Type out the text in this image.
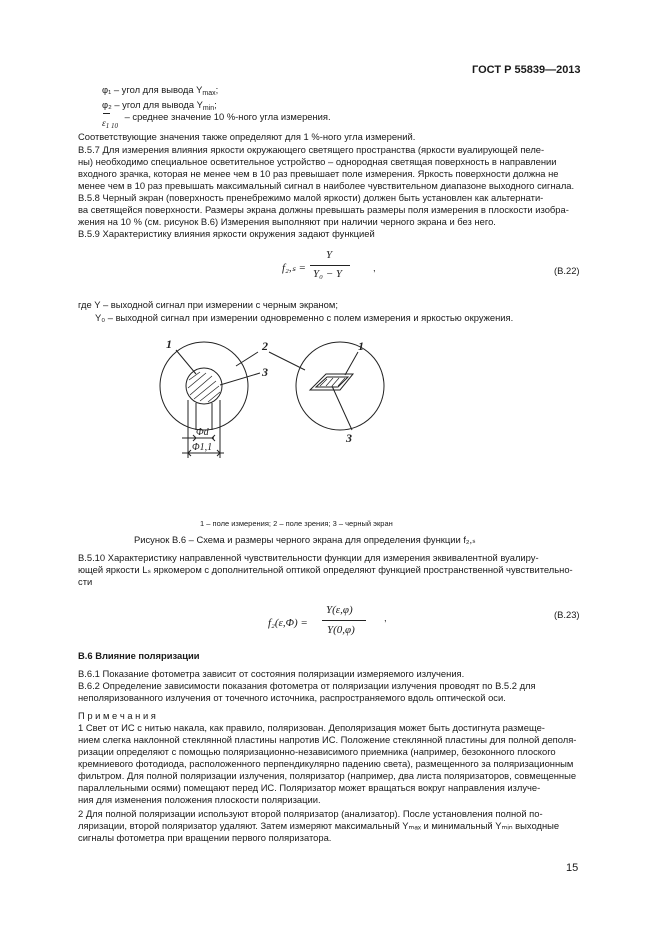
ГОСТ Р 55839—2013
φ₁ – угол для вывода $Y_{max}$;
φ₂ – угол для вывода $Y_{min}$;
$\varepsilon_{1 10}$ – среднее значение 10 %-ного угла измерения.
Соответствующие значения также определяют для 1 %-ного угла измерений.
В.5.7 Для измерения влияния яркости окружающего светящего пространства (яркости вуалирующей пеле-
ны) необходимо специальное осветительное устройство – однородная светящая поверхность в направлении
входного зрачка, которая не менее чем в 10 раз превышает поле измерения. Яркость поверхности должна не
менее чем в 10 раз превышать максимальный сигнал в наиболее чувствительном диапазоне выходного сигнала.
В.5.8 Черный экран (поверхность пренебрежимо малой яркости) должен быть установлен как альтернати-
ва светящейся поверхности. Размеры экрана должны превышать размеры поля измерения в плоскости изобра-
жения на 10 % (см. рисунок В.6) Измерения выполняют при наличии черного экрана и без него.
В.5.9 Характеристику влияния яркости окружения задают функцией
f₂,ₛ =
Y
Y₀ − Y
,	(В.22)
где Y – выходной сигнал при измерении с черным экраном;
Y₀ – выходной сигнал при измерении одновременно с полем измерения и яркостью окружения.
1	2
3
1
3
Φd
Φ1,1
1 – поле измерения; 2 – поле зрения; 3 – черный экран
Рисунок В.6 – Схема и размеры черного экрана для определения функции f₂,ₛ
В.5.10 Характеристику направленной чувствительности функции для измерения эквивалентной вуалиру-
ющей яркости Lₛ яркомером с дополнительной оптикой определяют функцией пространственной чувствительно-
сти
f₂(ε,Φ) =
Y(ε,φ)
Y(0,φ)
,	(В.23)
В.6 Влияние поляризации
В.6.1 Показание фотометра зависит от состояния поляризации измеряемого излучения.
В.6.2 Определение зависимости показания фотометра от поляризации излучения проводят по В.5.2 для
неполяризованного излучения от точечного источника, распространяемого вдоль оптической оси.
П р и м е ч а н и я
1 Свет от ИС с нитью накала, как правило, поляризован. Деполяризация может быть достигнута размеще-
нием слегка наклонной стеклянной пластины напротив ИС. Положение стеклянной пластины для полной деполя-
ризации определяют с помощью поляризационно-независимого приемника (например, безоконного плоского
кремниевого фотодиода, расположенного перпендикулярно падению света), размещенного за поляризационным
фильтром. Для полной поляризации излучения, поляризатор (например, два листа поляризаторов, совмещенные
параллельными осями) помещают перед ИС. Поляризатор может вращаться вокруг направления излуче-
ния для изменения положения плоскости поляризации.
2 Для полной поляризации используют второй поляризатор (анализатор). После установления полной по-
ляризации, второй поляризатор удаляют. Затем измеряют максимальный Yₘₐₓ и минимальный Yₘᵢₙ выходные
сигналы фотометра при вращении первого поляризатора.
15
